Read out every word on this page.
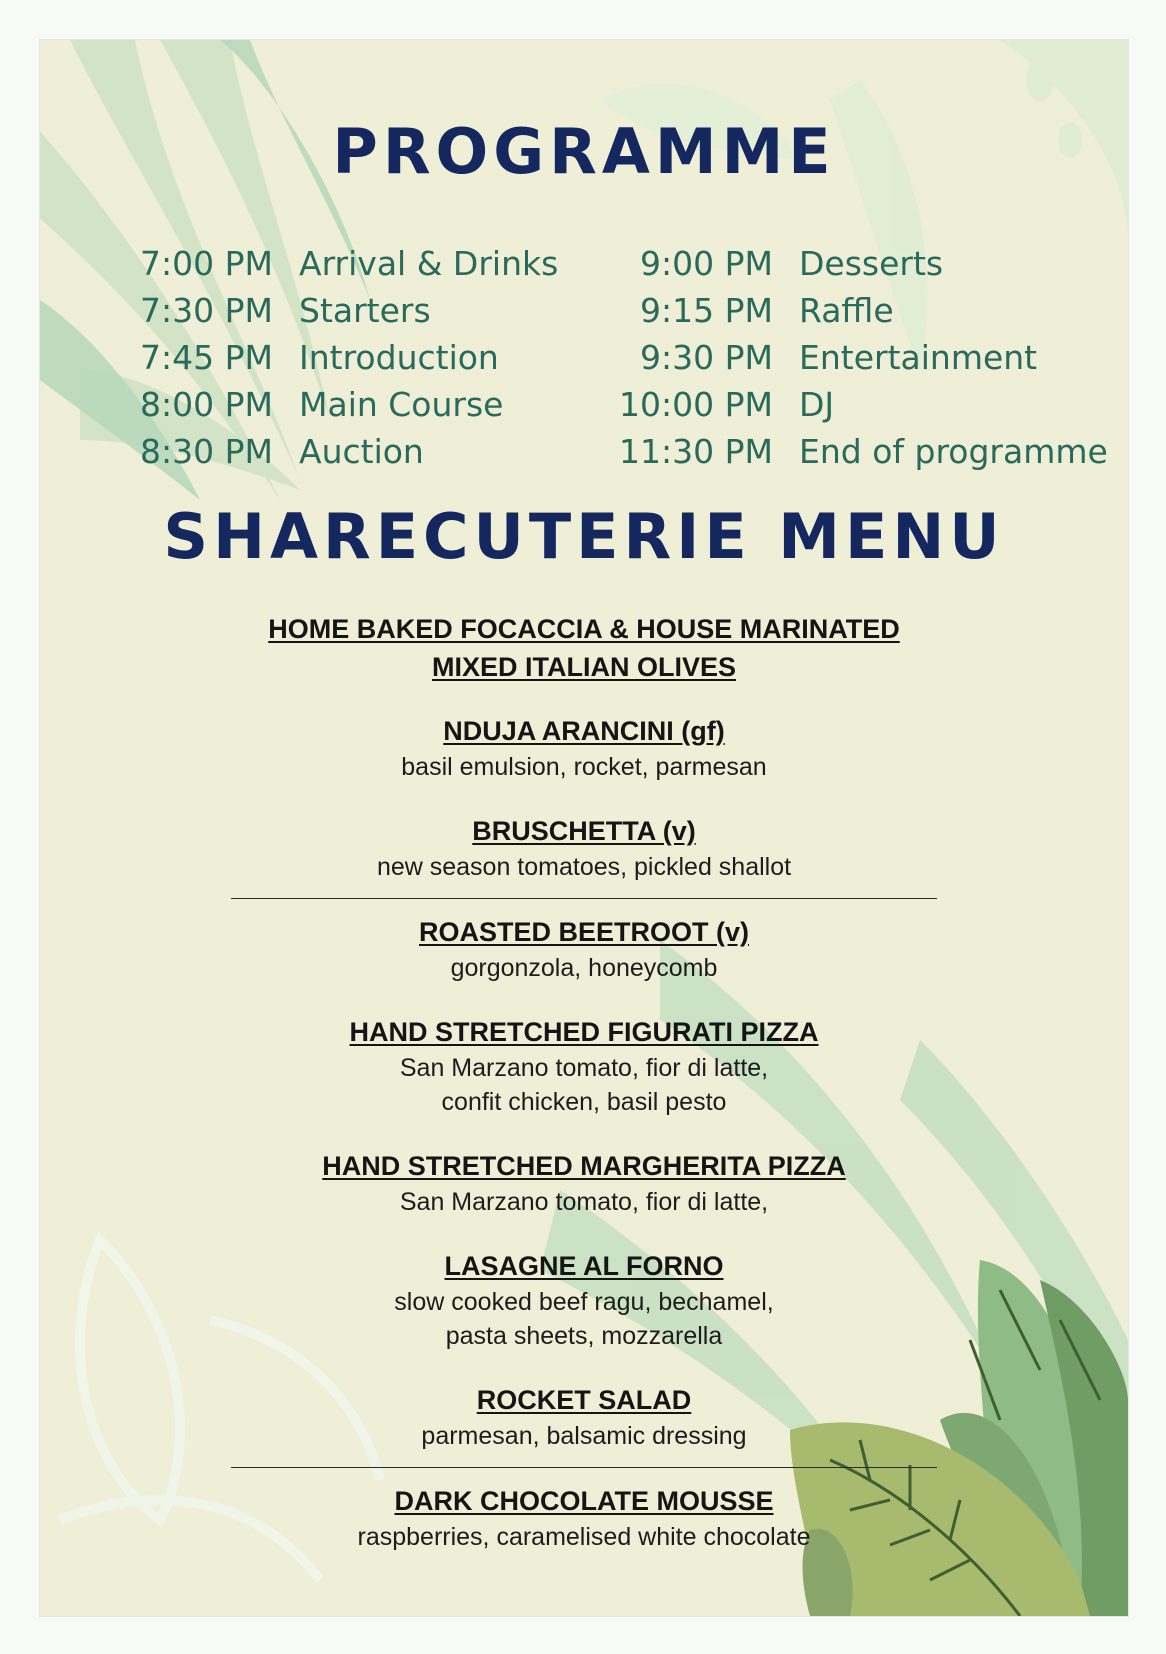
PROGRAMME
7:00 PM Arrival & Drinks
7:30 PM Starters
7:45 PM Introduction
8:00 PM Main Course
8:30 PM Auction
9:00 PM Desserts
9:15 PM Raffle
9:30 PM Entertainment
10:00 PM DJ
11:30 PM End of programme
SHARECUTERIE MENU

HOME BAKED FOCACCIA & HOUSE MARINATED

MIXED ITALIAN OLIVES

NDUJA ARANCINI (gf)

basil emulsion, rocket, parmesan

BRUSCHETTA (v)

new season tomatoes, pickled shallot

ROASTED BEETROOT (v)

gorgonzola, honeycomb

HAND STRETCHED FIGURATI PIZZA

San Marzano tomato, fior di latte,

confit chicken, basil pesto

HAND STRETCHED MARGHERITA PIZZA

San Marzano tomato, fior di latte,

LASAGNE AL FORNO

slow cooked beef ragu, bechamel,

pasta sheets, mozzarella

ROCKET SALAD

parmesan, balsamic dressing

DARK CHOCOLATE MOUSSE

raspberries, caramelised white chocolate
